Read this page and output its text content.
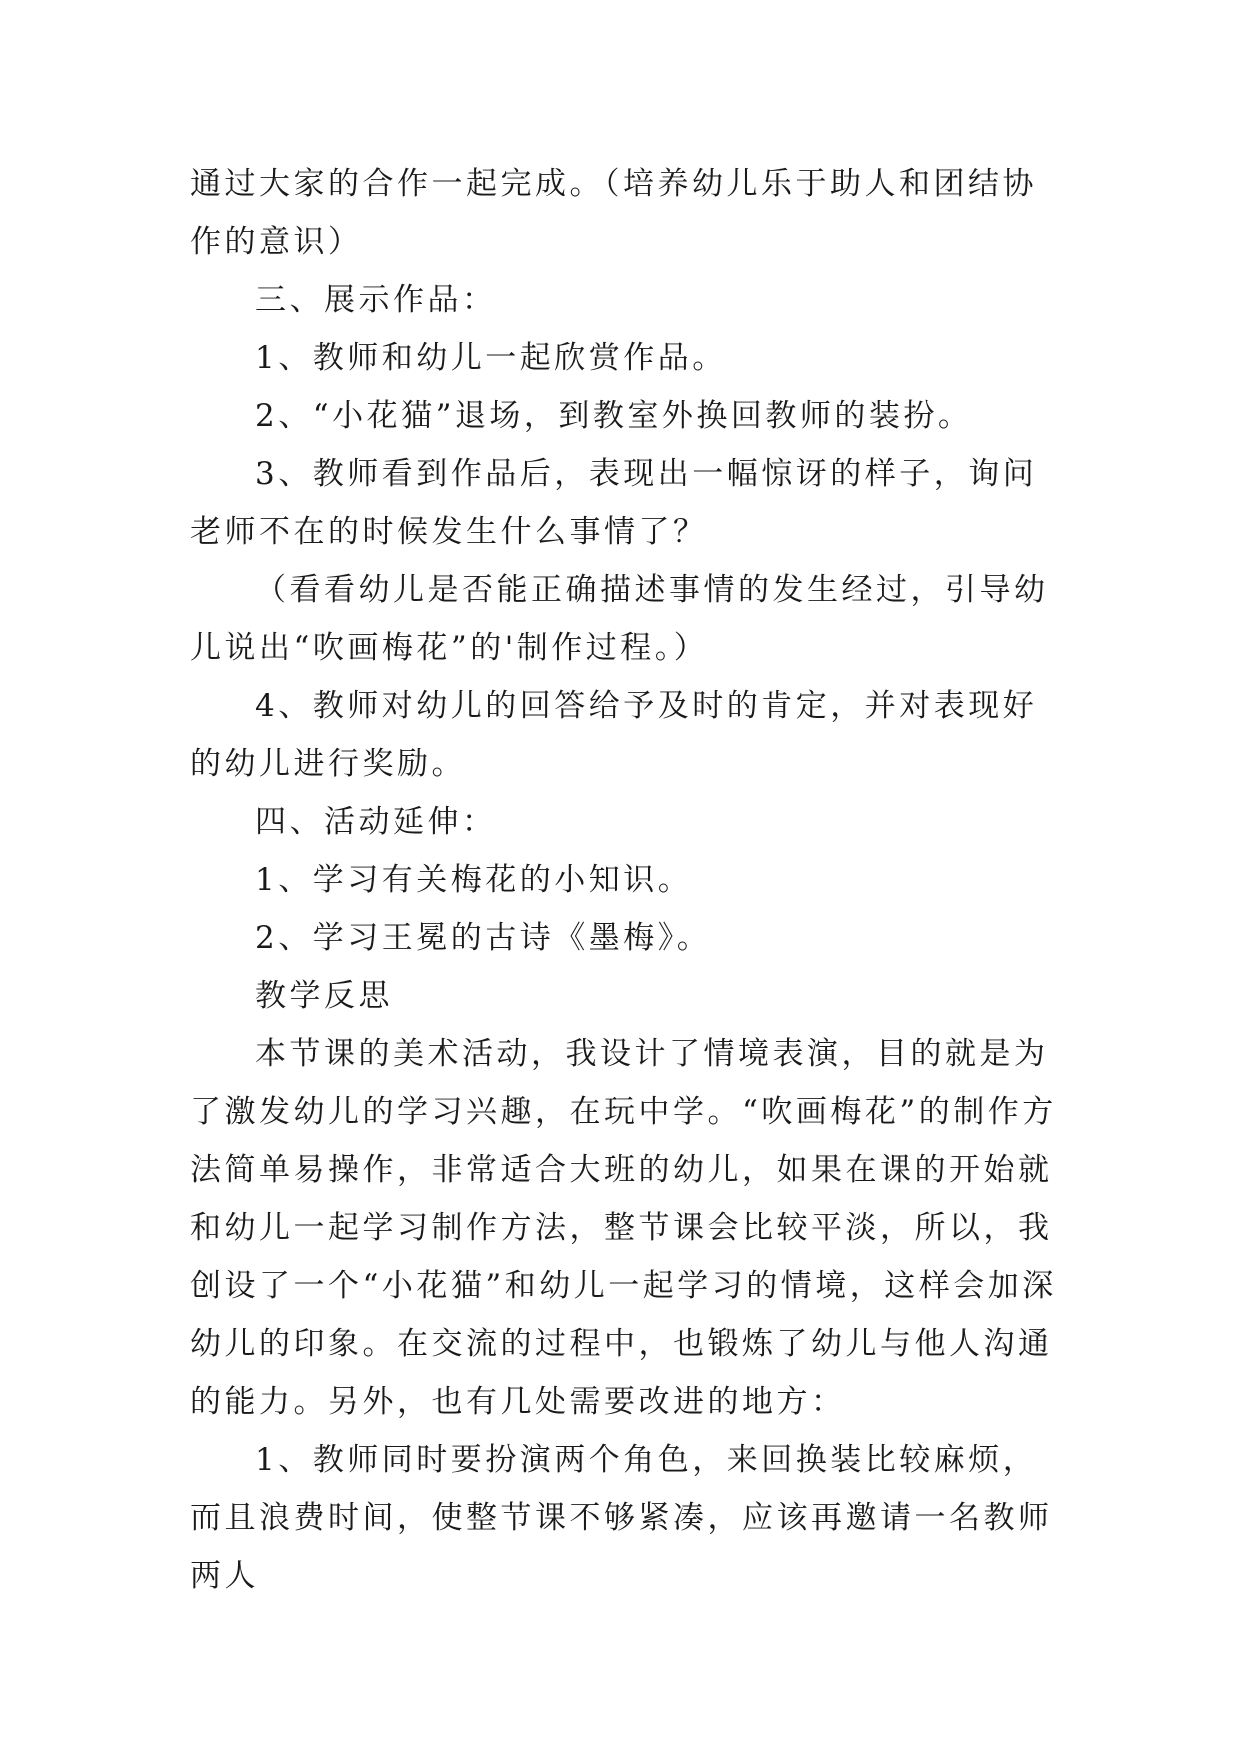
通过大家的合作一起完成。（培养幼儿乐于助人和团结协作的意识）

三、展示作品：

1、教师和幼儿一起欣赏作品。

2、“小花猫”退场，到教室外换回教师的装扮。

3、教师看到作品后，表现出一幅惊讶的样子，询问老师不在的时候发生什么事情了？

（看看幼儿是否能正确描述事情的发生经过，引导幼儿说出“吹画梅花”的'制作过程。）

4、教师对幼儿的回答给予及时的肯定，并对表现好的幼儿进行奖励。

四、活动延伸：

1、学习有关梅花的小知识。

2、学习王冕的古诗《墨梅》。

教学反思

本节课的美术活动，我设计了情境表演，目的就是为了激发幼儿的学习兴趣，在玩中学。“吹画梅花”的制作方法简单易操作，非常适合大班的幼儿，如果在课的开始就和幼儿一起学习制作方法，整节课会比较平淡，所以，我创设了一个“小花猫”和幼儿一起学习的情境，这样会加深幼儿的印象。在交流的过程中，也锻炼了幼儿与他人沟通的能力。另外，也有几处需要改进的地方：

1、教师同时要扮演两个角色，来回换装比较麻烦，而且浪费时间，使整节课不够紧凑，应该再邀请一名教师两人
